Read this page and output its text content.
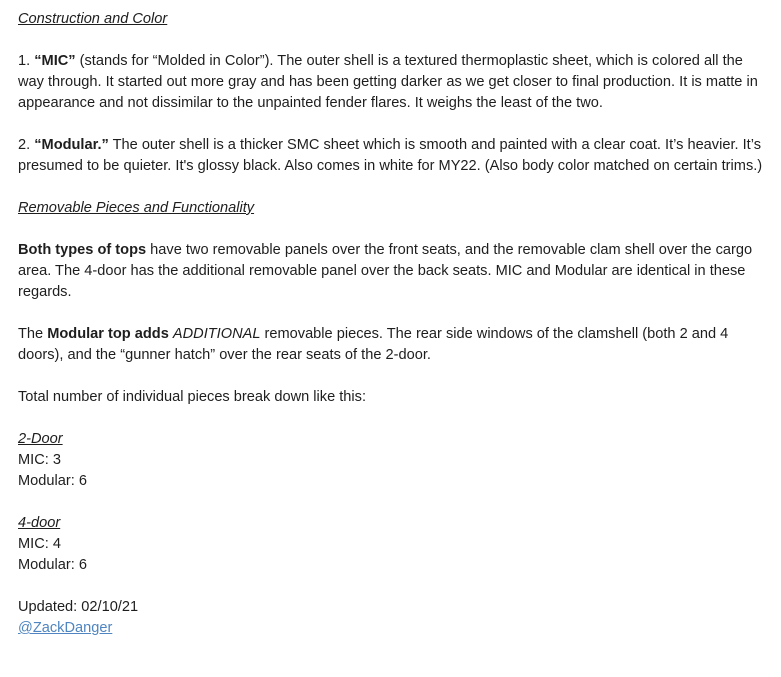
Construction and Color

1. “MIC” (stands for “Molded in Color”). The outer shell is a textured thermoplastic sheet, which is colored all the way through. It started out more gray and has been getting darker as we get closer to final production. It is matte in appearance and not dissimilar to the unpainted fender flares. It weighs the least of the two.

2. “Modular.” The outer shell is a thicker SMC sheet which is smooth and painted with a clear coat. It’s heavier. It’s presumed to be quieter. It's glossy black. Also comes in white for MY22. (Also body color matched on certain trims.)

Removable Pieces and Functionality

Both types of tops have two removable panels over the front seats, and the removable clam shell over the cargo area. The 4-door has the additional removable panel over the back seats. MIC and Modular are identical in these regards.

The Modular top adds ADDITIONAL removable pieces. The rear side windows of the clamshell (both 2 and 4 doors), and the “gunner hatch” over the rear seats of the 2-door.

Total number of individual pieces break down like this:

2-Door

MIC: 3

Modular: 6

4-door

MIC: 4

Modular: 6

Updated: 02/10/21

@ZackDanger
